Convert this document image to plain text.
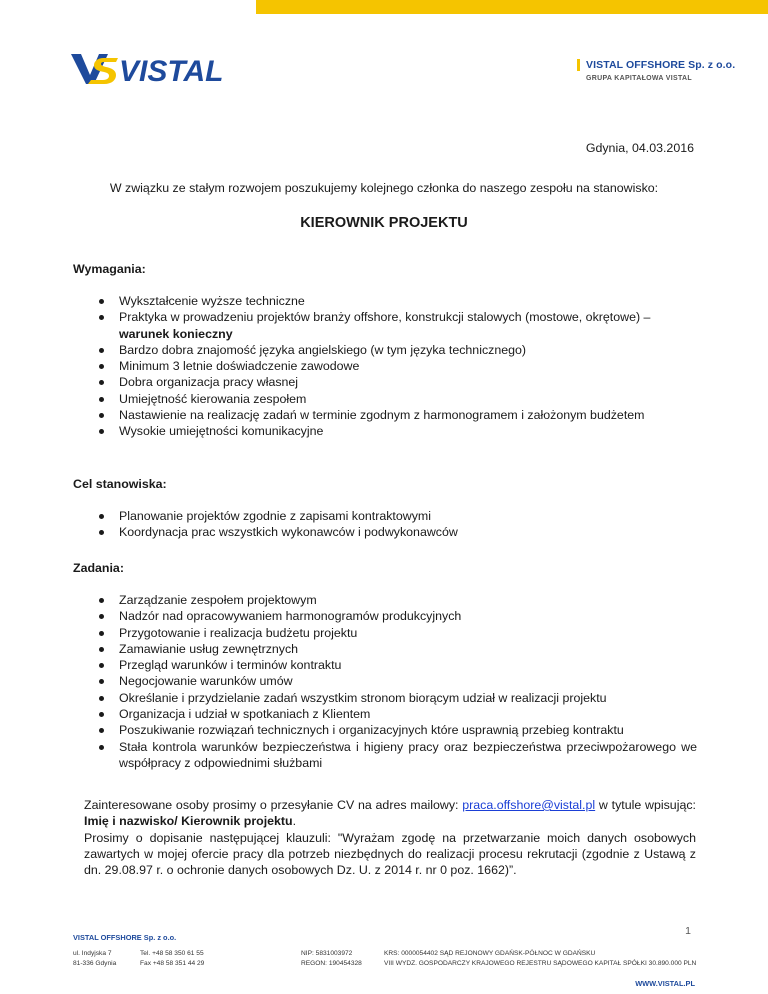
VISTAL	VISTAL OFFSHORE Sp. z o.o.
GRUPA KAPITAŁOWA VISTAL
Gdynia, 04.03.2016
W związku ze stałym rozwojem poszukujemy kolejnego członka do naszego zespołu na stanowisko:
KIEROWNIK PROJEKTU

Wymagania:

Wykształcenie wyższe techniczne
Praktyka w prowadzeniu projektów branży offshore, konstrukcji stalowych (mostowe, okrętowe) –
warunek konieczny
Bardzo dobra znajomość języka angielskiego (w tym języka technicznego)
Minimum 3 letnie doświadczenie zawodowe
Dobra organizacja pracy własnej
Umiejętność kierowania zespołem
Nastawienie na realizację zadań w terminie zgodnym z harmonogramem i założonym budżetem
Wysokie umiejętności komunikacyjne

Cel stanowiska:

Planowanie projektów zgodnie z zapisami kontraktowymi
Koordynacja prac wszystkich wykonawców i podwykonawców

Zadania:

Zarządzanie zespołem projektowym
Nadzór nad opracowywaniem harmonogramów produkcyjnych
Przygotowanie i realizacja budżetu projektu
Zamawianie usług zewnętrznych
Przegląd warunków i terminów kontraktu
Negocjowanie warunków umów
Określanie i przydzielanie zadań wszystkim stronom biorącym udział w realizacji projektu
Organizacja i udział w spotkaniach z Klientem
Poszukiwanie rozwiązań technicznych i organizacyjnych które usprawnią przebieg kontraktu
Stała kontrola warunków bezpieczeństwa i higieny pracy oraz bezpieczeństwa przeciwpożarowego we współpracy z odpowiednimi służbami
Zainteresowane osoby prosimy o przesyłanie CV na adres mailowy: praca.offshore@vistal.pl w tytule wpisując: Imię i nazwisko/ Kierownik projektu.
Prosimy o dopisanie następującej klauzuli: "Wyrażam zgodę na przetwarzanie moich danych osobowych zawartych w mojej ofercie pracy dla potrzeb niezbędnych do realizacji procesu rekrutacji (zgodnie z Ustawą z dn. 29.08.97 r. o ochronie danych osobowych Dz. U. z 2014 r. nr 0 poz. 1662)”.
1
VISTAL OFFSHORE Sp. z o.o.
ul. Indyjska 7
81-336 Gdynia
Tel. +48 58 350 61 55
Fax +48 58 351 44 29
NIP: 5831003972
REGON: 190454328
KRS: 0000054402 SĄD REJONOWY GDAŃSK-PÓŁNOC W GDAŃSKU
VIII WYDZ. GOSPODARCZY KRAJOWEGO REJESTRU SĄDOWEGO KAPITAŁ SPÓŁKI 30.890.000 PLN
WWW.VISTAL.PL
